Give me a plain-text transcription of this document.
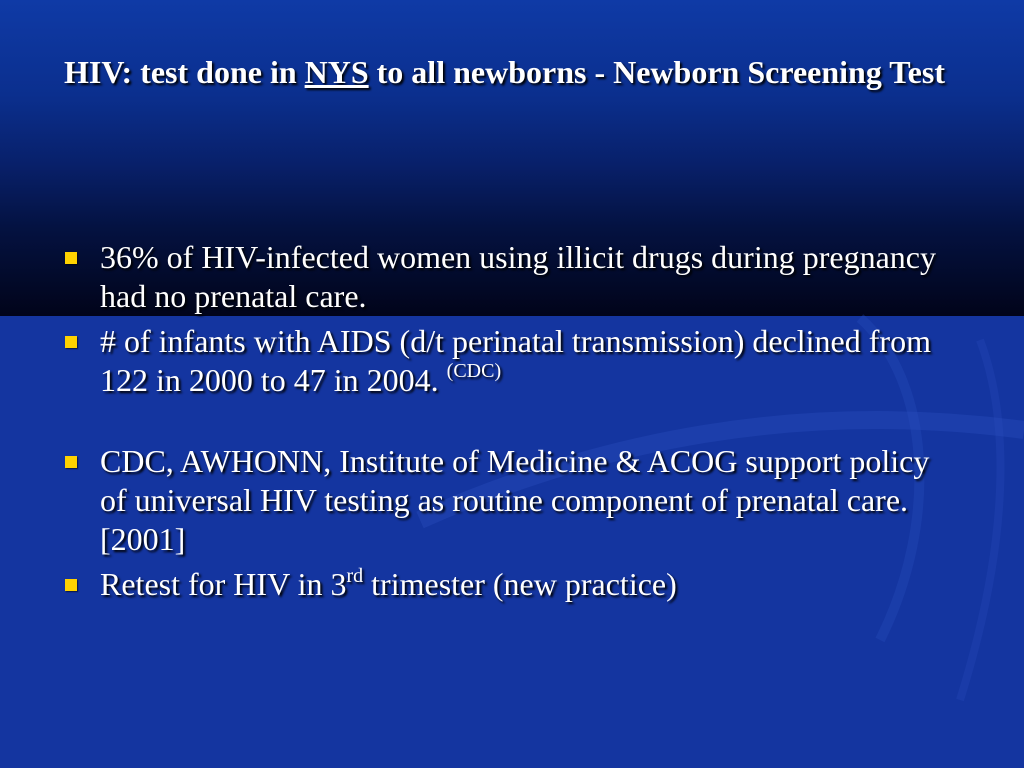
HIV: test done in NYS to all newborns - Newborn Screening Test
36% of HIV-infected women using illicit drugs during pregnancy had no prenatal care.
# of infants with AIDS (d/t perinatal transmission) declined from 122 in 2000 to 47 in 2004. $^{(CDC)}$
CDC, AWHONN, Institute of Medicine & ACOG support policy of universal HIV testing as routine component of prenatal care. [2001]
Retest for HIV in 3rd trimester (new practice)
